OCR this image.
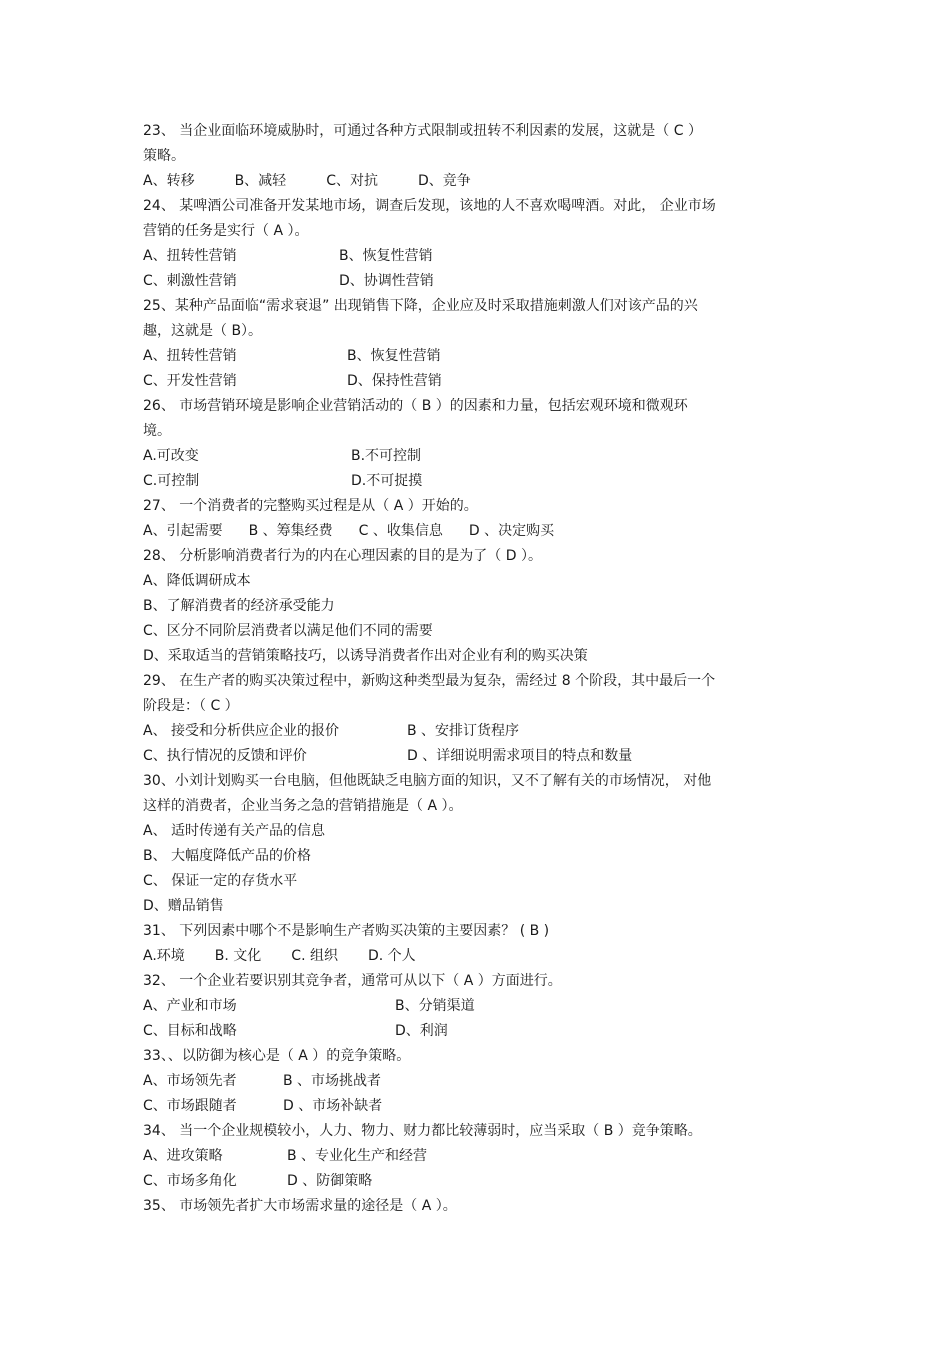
23、 当企业面临环境威胁时，可通过各种方式限制或扭转不利因素的发展，这就是（ C ）
策略。
A、转移	B、减轻	C、对抗	D、竞争
24、 某啤酒公司准备开发某地市场，调查后发现，该地的人不喜欢喝啤酒。对此， 企业市场
营销的任务是实行（ A ）。
A、扭转性营销	B、恢复性营销
C、刺激性营销	D、协调性营销
25、某种产品面临“需求衰退” 出现销售下降，企业应及时采取措施刺激人们对该产品的兴
趣，这就是（ B）。
A、扭转性营销	B、恢复性营销
C、开发性营销	D、保持性营销
26、 市场营销环境是影响企业营销活动的（ B ）的因素和力量，包括宏观环境和微观环
境。
A.可改变	B.不可控制
C.可控制	D.不可捉摸
27、 一个消费者的完整购买过程是从（ A ）开始的。
A、引起需要 B 、筹集经费 C 、收集信息 D 、决定购买
28、 分析影响消费者行为的内在心理因素的目的是为了（ D ）。
A、降低调研成本
B、了解消费者的经济承受能力
C、区分不同阶层消费者以满足他们不同的需要
D、采取适当的营销策略技巧，以诱导消费者作出对企业有利的购买决策
29、 在生产者的购买决策过程中，新购这种类型最为复杂，需经过 8 个阶段，其中最后一个
阶段是：（ C ）
A、 接受和分析供应企业的报价	B 、安排订货程序
C、执行情况的反馈和评价	D 、详细说明需求项目的特点和数量
30、小刘计划购买一台电脑，但他既缺乏电脑方面的知识，又不了解有关的市场情况， 对他
这样的消费者，企业当务之急的营销措施是（ A ）。
A、 适时传递有关产品的信息
B、 大幅度降低产品的价格
C、 保证一定的存货水平
D、赠品销售
31、 下列因素中哪个不是影响生产者购买决策的主要因素？ ( B )
A.环境 B. 文化 C. 组织 D. 个人
32、 一个企业若要识别其竞争者，通常可从以下（ A ）方面进行。
A、产业和市场	B、分销渠道
C、目标和战略	D、利润
33、、以防御为核心是（ A ）的竞争策略。
A、市场领先者	B 、市场挑战者
C、市场跟随者	D 、市场补缺者
34、 当一个企业规模较小，人力、物力、财力都比较薄弱时，应当采取（ B ）竞争策略。
A、进攻策略	B 、专业化生产和经营
C、市场多角化	D 、防御策略
35、 市场领先者扩大市场需求量的途径是（ A ）。
